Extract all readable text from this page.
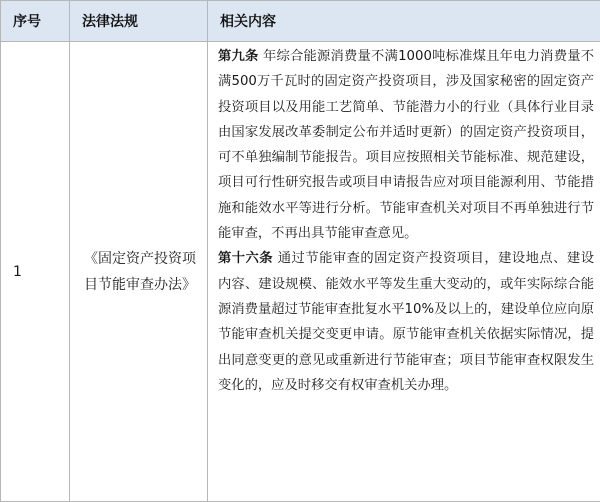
序号	法律法规	相关内容
1	《固定资产投资项目节能审查办法》	第九条 年综合能源消费量不满1000吨标准煤且年电力消费量不满500万千瓦时的固定资产投资项目，涉及国家秘密的固定资产投资项目以及用能工艺简单、节能潜力小的行业（具体行业目录由国家发展改革委制定公布并适时更新）的固定资产投资项目，可不单独编制节能报告。项目应按照相关节能标准、规范建设，项目可行性研究报告或项目申请报告应对项目能源利用、节能措施和能效水平等进行分析。节能审查机关对项目不再单独进行节能审查，不再出具节能审查意见。

第十六条 通过节能审查的固定资产投资项目，建设地点、建设内容、建设规模、能效水平等发生重大变动的，或年实际综合能源消费量超过节能审查批复水平10%及以上的，建设单位应向原节能审查机关提交变更申请。原节能审查机关依据实际情况，提出同意变更的意见或重新进行节能审查；项目节能审查权限发生变化的，应及时移交有权审查机关办理。
